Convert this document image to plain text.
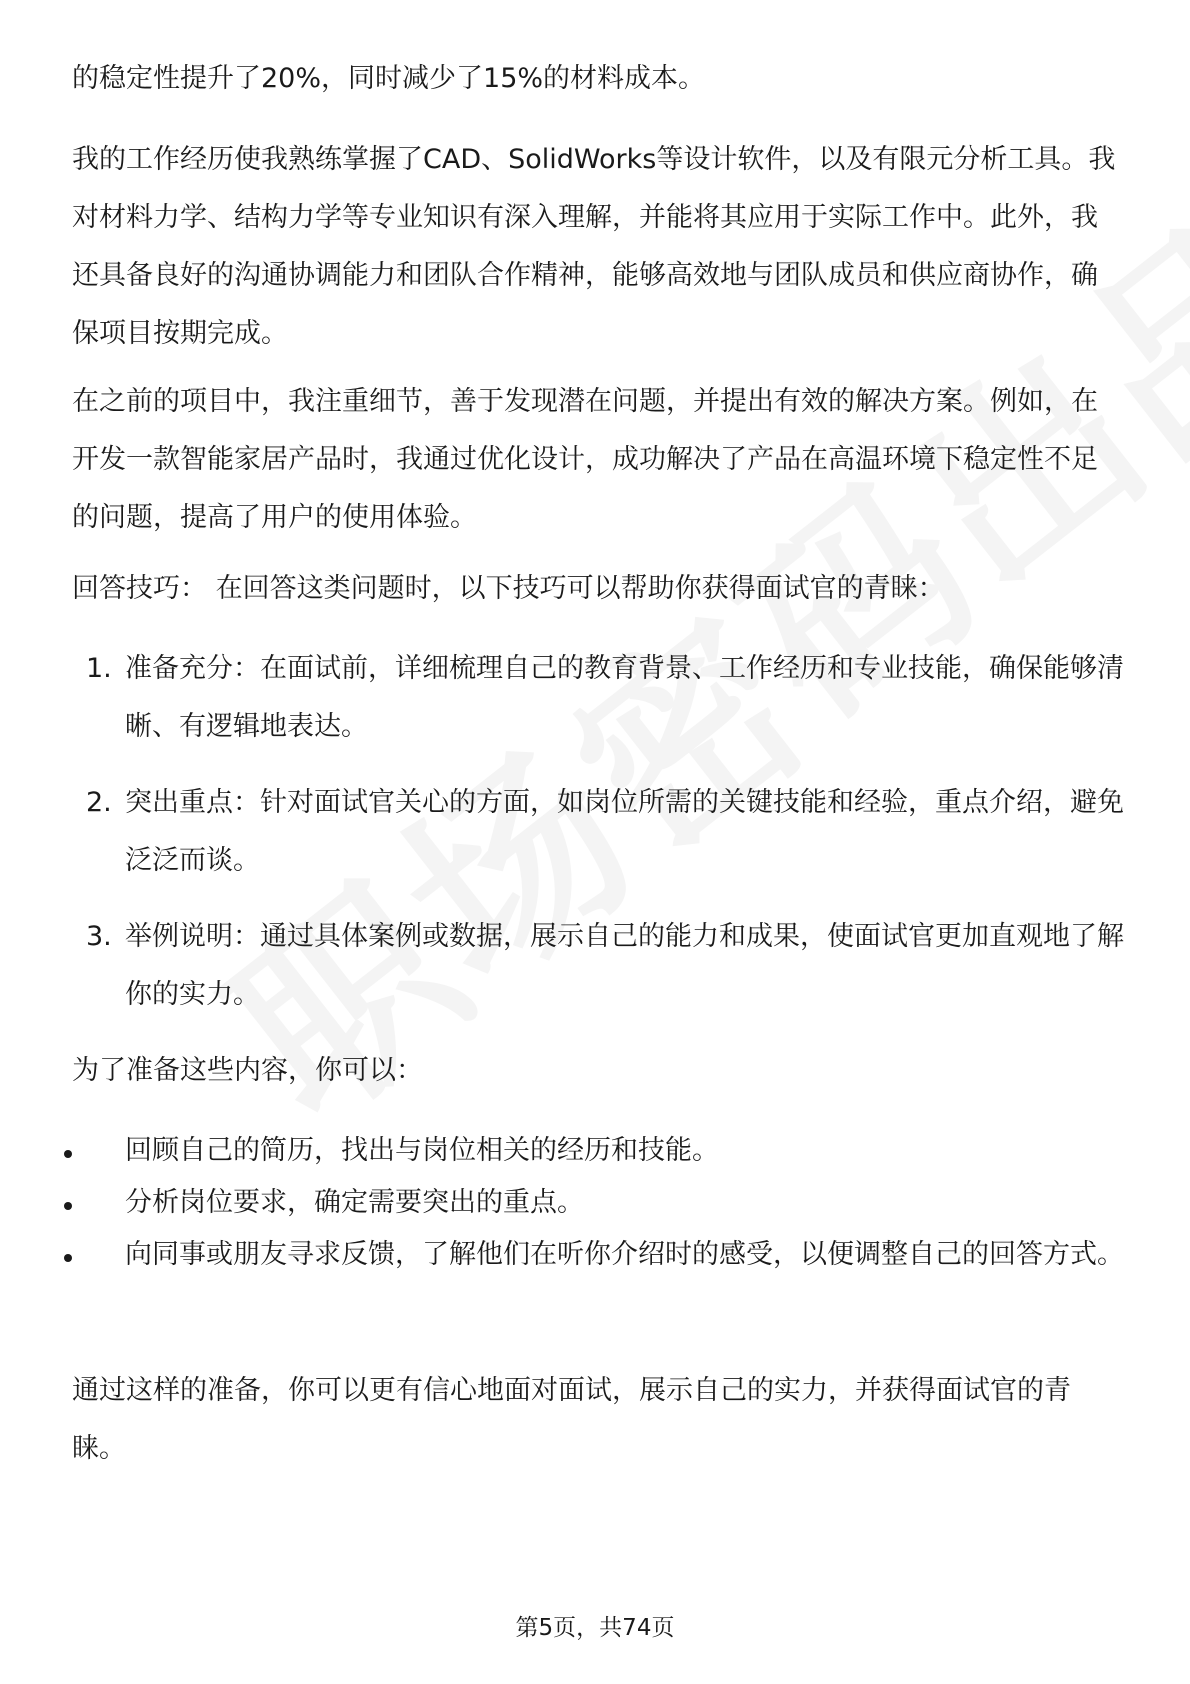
的稳定性提升了20%，同时减少了15%的材料成本。

我的工作经历使我熟练掌握了CAD、SolidWorks等设计软件，以及有限元分析工具。我对材料力学、结构力学等专业知识有深入理解，并能将其应用于实际工作中。此外，我还具备良好的沟通协调能力和团队合作精神，能够高效地与团队成员和供应商协作，确保项目按期完成。

在之前的项目中，我注重细节，善于发现潜在问题，并提出有效的解决方案。例如，在开发一款智能家居产品时，我通过优化设计，成功解决了产品在高温环境下稳定性不足的问题，提高了用户的使用体验。

回答技巧： 在回答这类问题时，以下技巧可以帮助你获得面试官的青睐：

1. 准备充分：在面试前，详细梳理自己的教育背景、工作经历和专业技能，确保能够清晰、有逻辑地表达。
2. 突出重点：针对面试官关心的方面，如岗位所需的关键技能和经验，重点介绍，避免泛泛而谈。
3. 举例说明：通过具体案例或数据，展示自己的能力和成果，使面试官更加直观地了解你的实力。

为了准备这些内容，你可以：

回顾自己的简历，找出与岗位相关的经历和技能。
分析岗位要求，确定需要突出的重点。
向同事或朋友寻求反馈，了解他们在听你介绍时的感受，以便调整自己的回答方式。

通过这样的准备，你可以更有信心地面对面试，展示自己的实力，并获得面试官的青睐。

第5页，共74页
